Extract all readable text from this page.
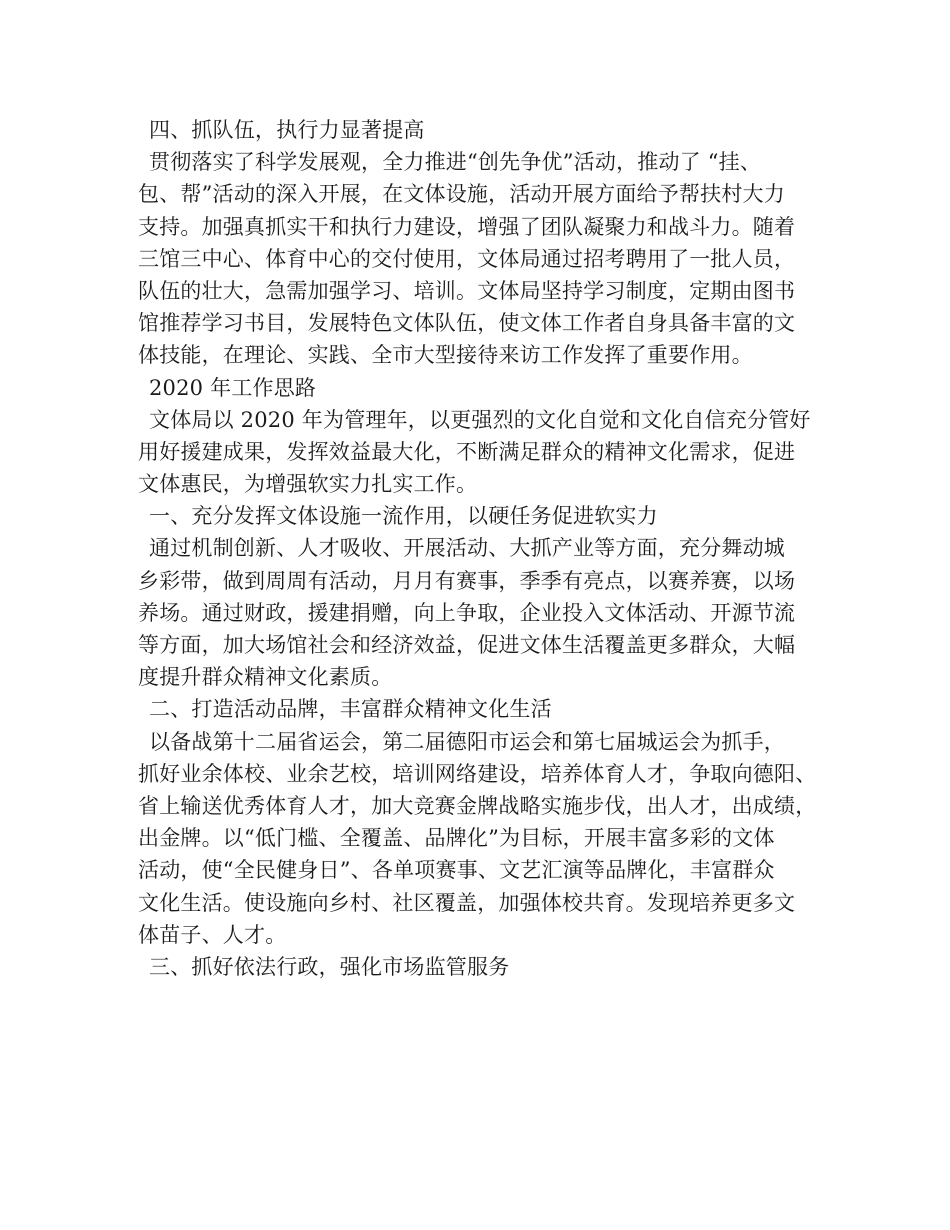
四、抓队伍，执行力显著提高
贯彻落实了科学发展观，全力推进“创先争优”活动，推动了 “挂、
包、帮”活动的深入开展，在文体设施，活动开展方面给予帮扶村大力
支持。加强真抓实干和执行力建设，增强了团队凝聚力和战斗力。随着
三馆三中心、体育中心的交付使用，文体局通过招考聘用了一批人员，
队伍的壮大，急需加强学习、培训。文体局坚持学习制度，定期由图书
馆推荐学习书目，发展特色文体队伍，使文体工作者自身具备丰富的文
体技能，在理论、实践、全市大型接待来访工作发挥了重要作用。
2020 年工作思路
文体局以 2020 年为管理年，以更强烈的文化自觉和文化自信充分管好
用好援建成果，发挥效益最大化，不断满足群众的精神文化需求，促进
文体惠民，为增强软实力扎实工作。
一、充分发挥文体设施一流作用，以硬任务促进软实力
通过机制创新、人才吸收、开展活动、大抓产业等方面，充分舞动城
乡彩带，做到周周有活动，月月有赛事，季季有亮点，以赛养赛，以场
养场。通过财政，援建捐赠，向上争取，企业投入文体活动、开源节流
等方面，加大场馆社会和经济效益，促进文体生活覆盖更多群众，大幅
度提升群众精神文化素质。
二、打造活动品牌，丰富群众精神文化生活
以备战第十二届省运会，第二届德阳市运会和第七届城运会为抓手，
抓好业余体校、业余艺校，培训网络建设，培养体育人才，争取向德阳、
省上输送优秀体育人才，加大竞赛金牌战略实施步伐，出人才，出成绩，
出金牌。以“低门槛、全覆盖、品牌化”为目标，开展丰富多彩的文体
活动，使“全民健身日”、各单项赛事、文艺汇演等品牌化，丰富群众
文化生活。使设施向乡村、社区覆盖，加强体校共育。发现培养更多文
体苗子、人才。
三、抓好依法行政，强化市场监管服务
